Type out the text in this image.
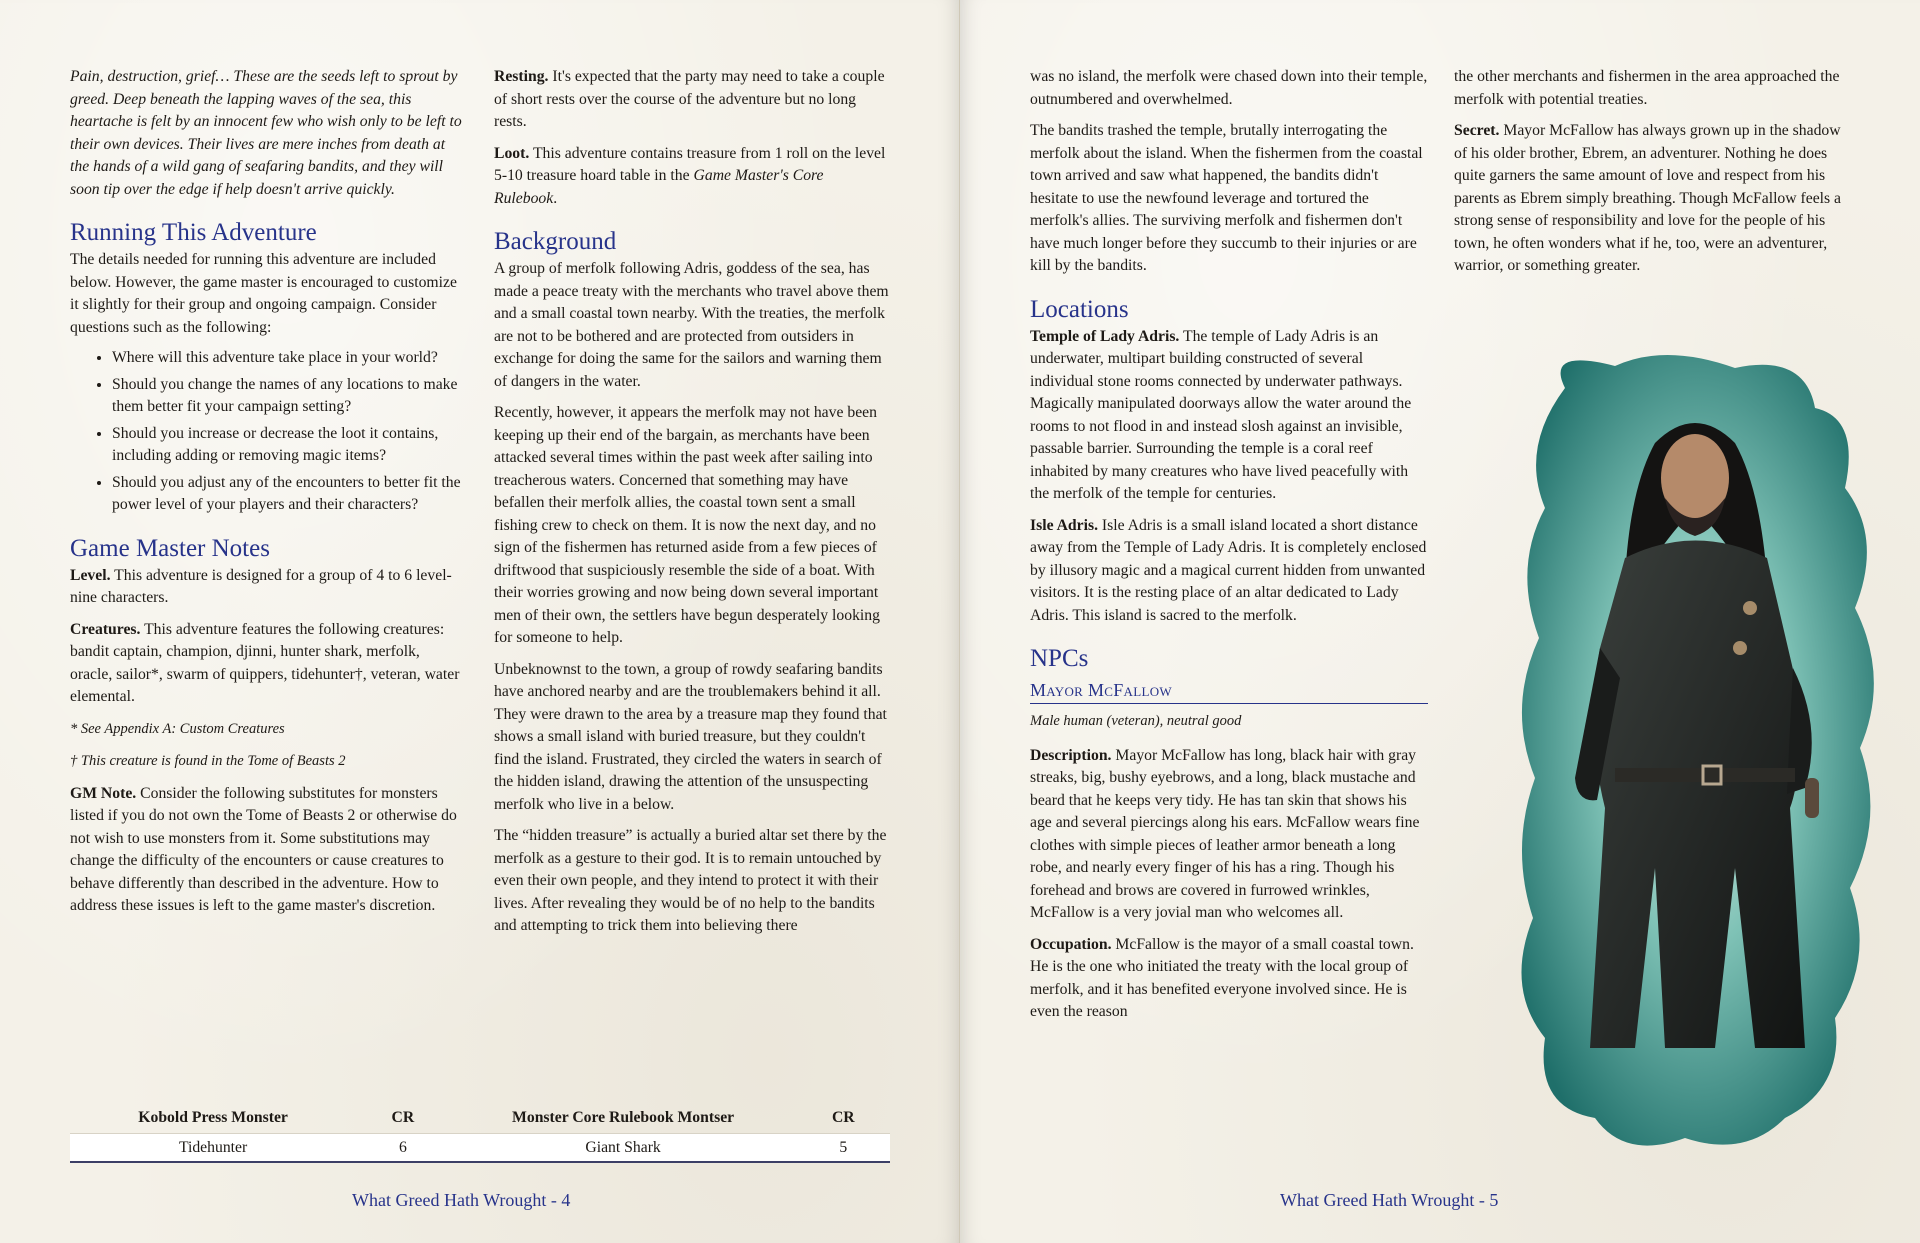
Pain, destruction, grief… These are the seeds left to sprout by greed. Deep beneath the lapping waves of the sea, this heartache is felt by an innocent few who wish only to be left to their own devices. Their lives are mere inches from death at the hands of a wild gang of seafaring bandits, and they will soon tip over the edge if help doesn't arrive quickly.

Running This Adventure

The details needed for running this adventure are included below. However, the game master is encouraged to customize it slightly for their group and ongoing campaign. Consider questions such as the following:

• Where will this adventure take place in your world?
• Should you change the names of any locations to make them better fit your campaign setting?
• Should you increase or decrease the loot it contains, including adding or removing magic items?
• Should you adjust any of the encounters to better fit the power level of your players and their characters?
Game Master Notes

Level. This adventure is designed for a group of 4 to 6 level-nine characters.

Creatures. This adventure features the following creatures: bandit captain, champion, djinni, hunter shark, merfolk, oracle, sailor*, swarm of quippers, tidehunter†, veteran, water elemental.

* See Appendix A: Custom Creatures

† This creature is found in the Tome of Beasts 2

GM Note. Consider the following substitutes for monsters listed if you do not own the Tome of Beasts 2 or otherwise do not wish to use monsters from it. Some substitutions may change the difficulty of the encounters or cause creatures to behave differently than described in the adventure. How to address these issues is left to the game master's discretion.

Resting. It's expected that the party may need to take a couple of short rests over the course of the adventure but no long rests.

Loot. This adventure contains treasure from 1 roll on the level 5-10 treasure hoard table in the Game Master's Core Rulebook.

Background

A group of merfolk following Adris, goddess of the sea, has made a peace treaty with the merchants who travel above them and a small coastal town nearby. With the treaties, the merfolk are not to be bothered and are protected from outsiders in exchange for doing the same for the sailors and warning them of dangers in the water.

Recently, however, it appears the merfolk may not have been keeping up their end of the bargain, as merchants have been attacked several times within the past week after sailing into treacherous waters. Concerned that something may have befallen their merfolk allies, the coastal town sent a small fishing crew to check on them. It is now the next day, and no sign of the fishermen has returned aside from a few pieces of driftwood that suspiciously resemble the side of a boat. With their worries growing and now being down several important men of their own, the settlers have begun desperately looking for someone to help.

Unbeknownst to the town, a group of rowdy seafaring bandits have anchored nearby and are the troublemakers behind it all. They were drawn to the area by a treasure map they found that shows a small island with buried treasure, but they couldn't find the island. Frustrated, they circled the waters in search of the hidden island, drawing the attention of the unsuspecting merfolk who live in a below.

The “hidden treasure” is actually a buried altar set there by the merfolk as a gesture to their god. It is to remain untouched by even their own people, and they intend to protect it with their lives. After revealing they would be of no help to the bandits and attempting to trick them into believing there

Kobold Press Monster	CR	Monster Core Rulebook Montser	CR
Tidehunter	6	Giant Shark	5
What Greed Hath Wrought - 4

was no island, the merfolk were chased down into their temple, outnumbered and overwhelmed.

The bandits trashed the temple, brutally interrogating the merfolk about the island. When the fishermen from the coastal town arrived and saw what happened, the bandits didn't hesitate to use the newfound leverage and tortured the merfolk's allies. The surviving merfolk and fishermen don't have much longer before they succumb to their injuries or are kill by the bandits.

Locations

Temple of Lady Adris. The temple of Lady Adris is an underwater, multipart building constructed of several individual stone rooms connected by underwater pathways. Magically manipulated doorways allow the water around the rooms to not flood in and instead slosh against an invisible, passable barrier. Surrounding the temple is a coral reef inhabited by many creatures who have lived peacefully with the merfolk of the temple for centuries.

Isle Adris. Isle Adris is a small island located a short distance away from the Temple of Lady Adris. It is completely enclosed by illusory magic and a magical current hidden from unwanted visitors. It is the resting place of an altar dedicated to Lady Adris. This island is sacred to the merfolk.

NPCs
Mayor McFallow
Male human (veteran), neutral good

Description. Mayor McFallow has long, black hair with gray streaks, big, bushy eyebrows, and a long, black mustache and beard that he keeps very tidy. He has tan skin that shows his age and several piercings along his ears. McFallow wears fine clothes with simple pieces of leather armor beneath a long robe, and nearly every finger of his has a ring. Though his forehead and brows are covered in furrowed wrinkles, McFallow is a very jovial man who welcomes all.

Occupation. McFallow is the mayor of a small coastal town. He is the one who initiated the treaty with the local group of merfolk, and it has benefited everyone involved since. He is even the reason

the other merchants and fishermen in the area approached the merfolk with potential treaties.

Secret. Mayor McFallow has always grown up in the shadow of his older brother, Ebrem, an adventurer. Nothing he does quite garners the same amount of love and respect from his parents as Ebrem simply breathing. Though McFallow feels a strong sense of responsibility and love for the people of his town, he often wonders what if he, too, were an adventurer, warrior, or something greater.

What Greed Hath Wrought - 5
